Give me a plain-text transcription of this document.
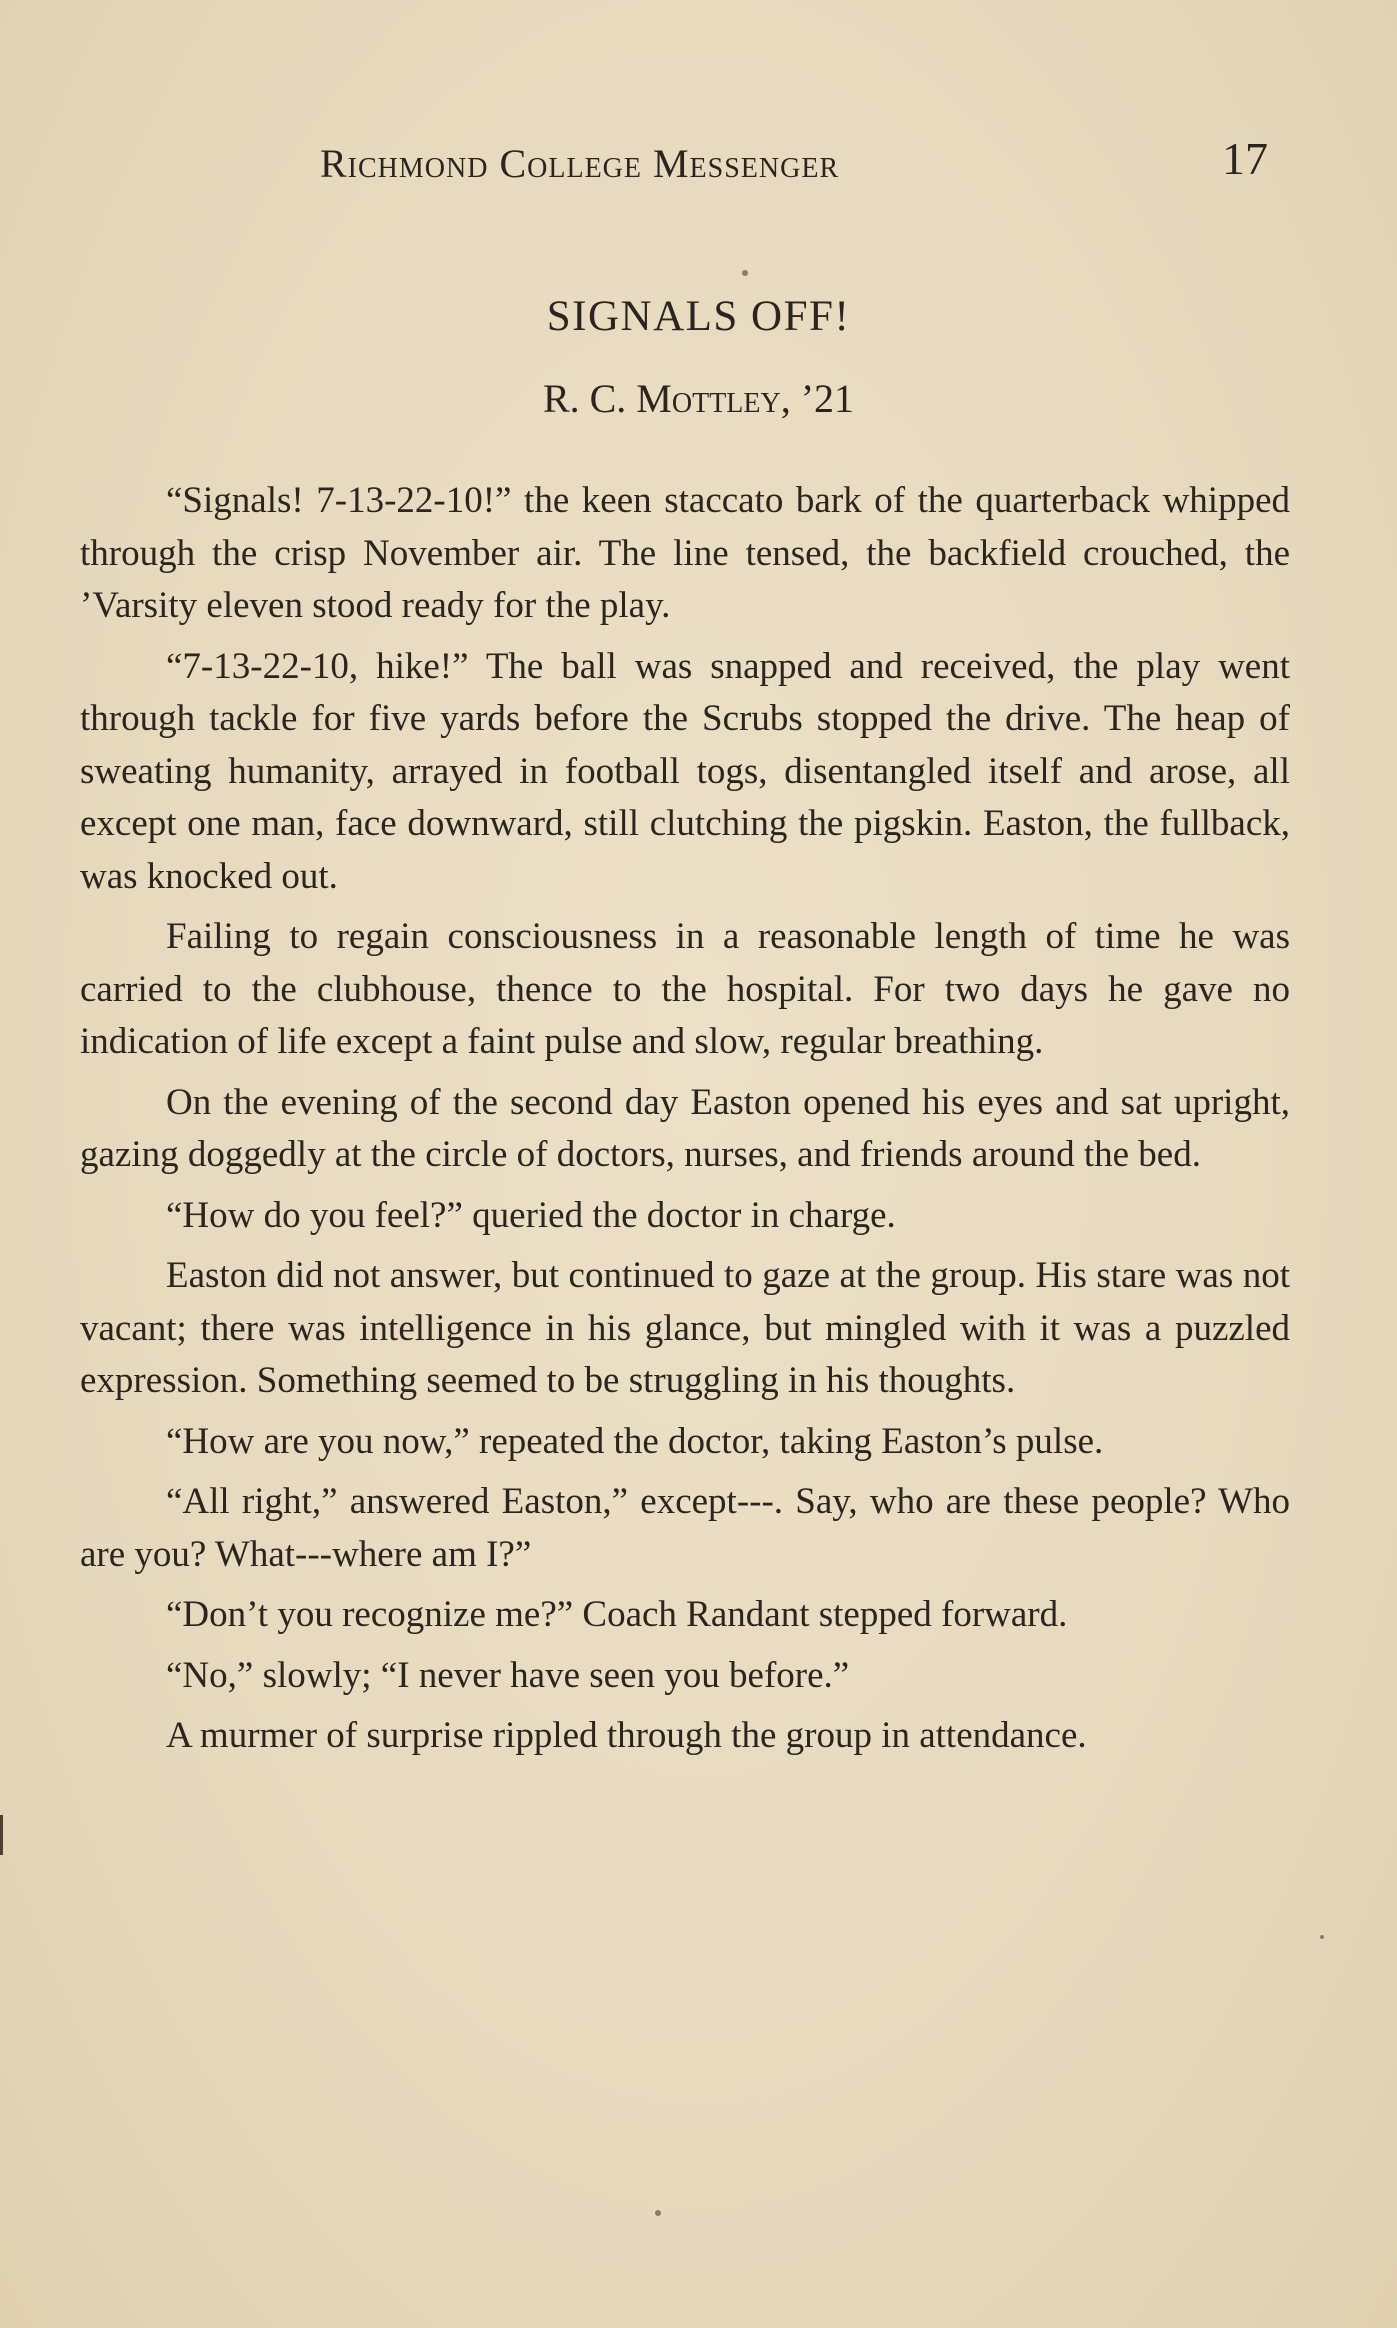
Richmond College Messenger	17
SIGNALS OFF!
R. C. Mottley, ’21

“Signals! 7-13-22-10!” the keen staccato bark of the quarterback whipped through the crisp November air. The line tensed, the backfield crouched, the ’Varsity eleven stood ready for the play.

“7-13-22-10, hike!” The ball was snapped and received, the play went through tackle for five yards before the Scrubs stopped the drive. The heap of sweating humanity, arrayed in football togs, disentangled itself and arose, all except one man, face downward, still clutching the pigskin. Easton, the fullback, was knocked out.

Failing to regain consciousness in a reasonable length of time he was carried to the clubhouse, thence to the hospital. For two days he gave no indication of life except a faint pulse and slow, regular breathing.

On the evening of the second day Easton opened his eyes and sat upright, gazing doggedly at the circle of doctors, nurses, and friends around the bed.

“How do you feel?” queried the doctor in charge.

Easton did not answer, but continued to gaze at the group. His stare was not vacant; there was intelligence in his glance, but mingled with it was a puzzled expression. Something seemed to be struggling in his thoughts.

“How are you now,” repeated the doctor, taking Easton’s pulse.

“All right,” answered Easton,” except---. Say, who are these people? Who are you? What---where am I?”

“Don’t you recognize me?” Coach Randant stepped forward.

“No,” slowly; “I never have seen you before.”

A murmer of surprise rippled through the group in attendance.
